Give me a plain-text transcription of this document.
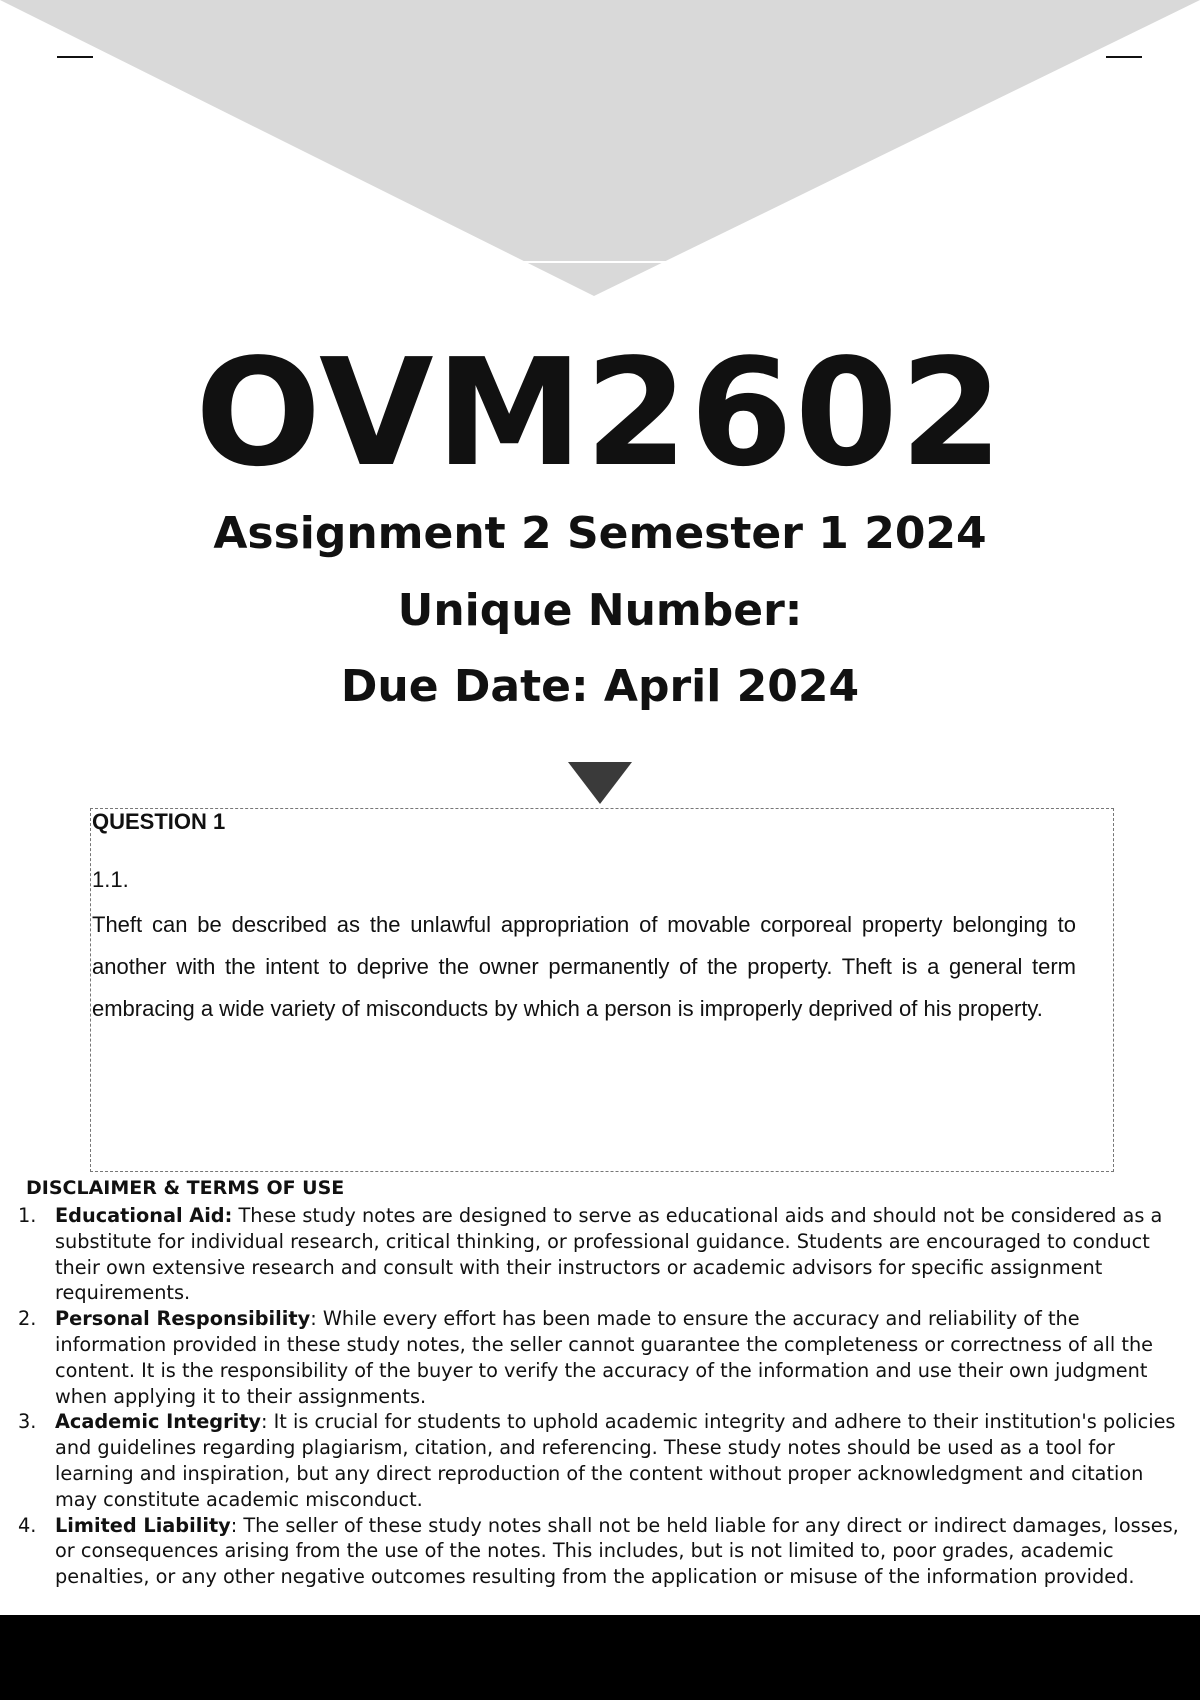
OVM2602
Assignment 2 Semester 1 2024
Unique Number:
Due Date: April 2024
QUESTION 1
1.1.
Theft can be described as the unlawful appropriation of movable corporeal property belonging to another with the intent to deprive the owner permanently of the property. Theft is a general term embracing a wide variety of misconducts by which a person is improperly deprived of his property.
DISCLAIMER & TERMS OF USE
1. Educational Aid: These study notes are designed to serve as educational aids and should not be considered as a substitute for individual research, critical thinking, or professional guidance. Students are encouraged to conduct their own extensive research and consult with their instructors or academic advisors for specific assignment requirements.
2. Personal Responsibility: While every effort has been made to ensure the accuracy and reliability of the information provided in these study notes, the seller cannot guarantee the completeness or correctness of all the content. It is the responsibility of the buyer to verify the accuracy of the information and use their own judgment when applying it to their assignments.
3. Academic Integrity: It is crucial for students to uphold academic integrity and adhere to their institution's policies and guidelines regarding plagiarism, citation, and referencing. These study notes should be used as a tool for learning and inspiration, but any direct reproduction of the content without proper acknowledgment and citation may constitute academic misconduct.
4. Limited Liability: The seller of these study notes shall not be held liable for any direct or indirect damages, losses, or consequences arising from the use of the notes. This includes, but is not limited to, poor grades, academic penalties, or any other negative outcomes resulting from the application or misuse of the information provided.
